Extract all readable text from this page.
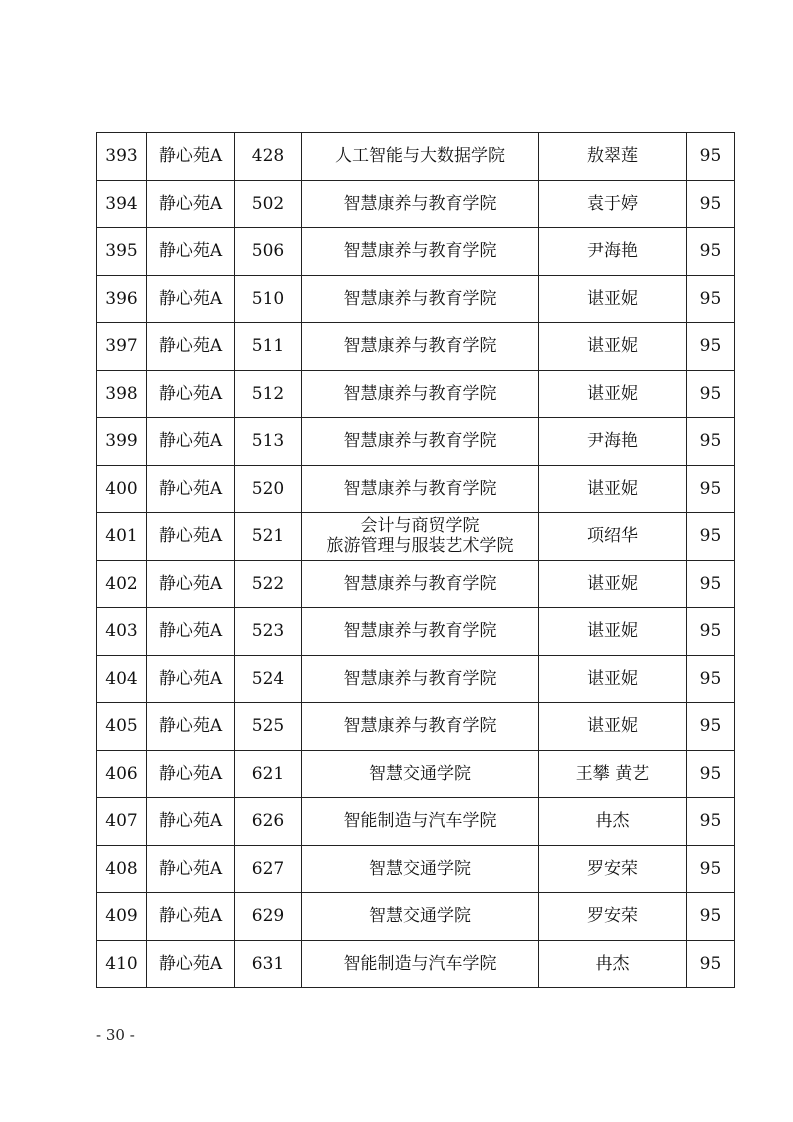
393	静心苑A	428	人工智能与大数据学院	敖翠莲	95
394	静心苑A	502	智慧康养与教育学院	袁于婷	95
395	静心苑A	506	智慧康养与教育学院	尹海艳	95
396	静心苑A	510	智慧康养与教育学院	谌亚妮	95
397	静心苑A	511	智慧康养与教育学院	谌亚妮	95
398	静心苑A	512	智慧康养与教育学院	谌亚妮	95
399	静心苑A	513	智慧康养与教育学院	尹海艳	95
400	静心苑A	520	智慧康养与教育学院	谌亚妮	95
401	静心苑A	521	会计与商贸学院
旅游管理与服装艺术学院	项绍华	95
402	静心苑A	522	智慧康养与教育学院	谌亚妮	95
403	静心苑A	523	智慧康养与教育学院	谌亚妮	95
404	静心苑A	524	智慧康养与教育学院	谌亚妮	95
405	静心苑A	525	智慧康养与教育学院	谌亚妮	95
406	静心苑A	621	智慧交通学院	王攀 黄艺	95
407	静心苑A	626	智能制造与汽车学院	冉杰	95
408	静心苑A	627	智慧交通学院	罗安荣	95
409	静心苑A	629	智慧交通学院	罗安荣	95
410	静心苑A	631	智能制造与汽车学院	冉杰	95
- 30 -
